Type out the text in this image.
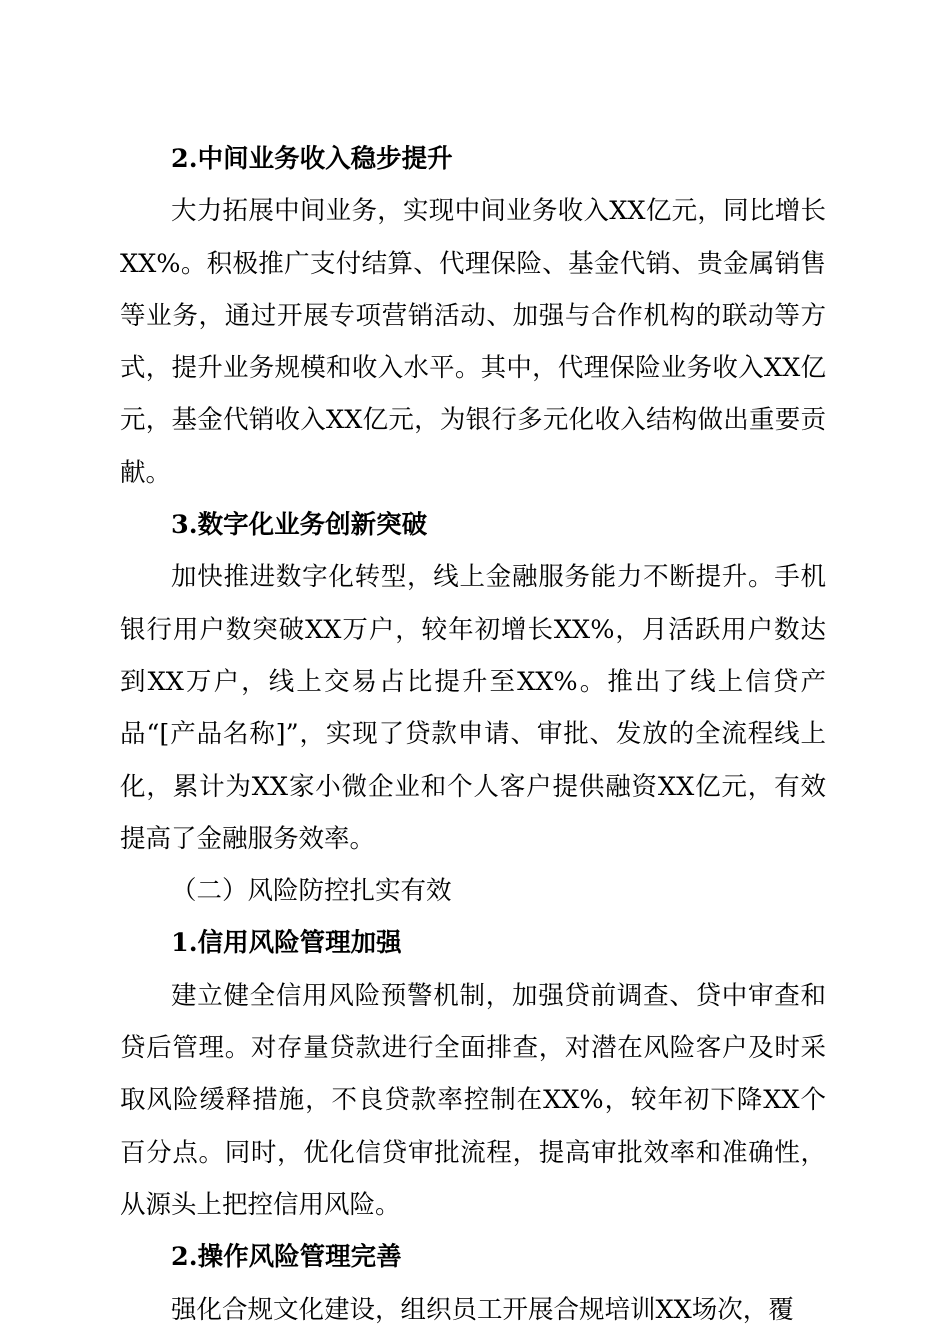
2.中间业务收入稳步提升

大力拓展中间业务，实现中间业务收入XX亿元，同比增长XX%。积极推广支付结算、代理保险、基金代销、贵金属销售等业务，通过开展专项营销活动、加强与合作机构的联动等方式，提升业务规模和收入水平。其中，代理保险业务收入XX亿元，基金代销收入XX亿元，为银行多元化收入结构做出重要贡献。

3.数字化业务创新突破

加快推进数字化转型，线上金融服务能力不断提升。手机银行用户数突破XX万户，较年初增长XX%，月活跃用户数达到XX万户，线上交易占比提升至XX%。推出了线上信贷产品“[产品名称]”，实现了贷款申请、审批、发放的全流程线上化，累计为XX家小微企业和个人客户提供融资XX亿元，有效提高了金融服务效率。

（二）风险防控扎实有效

1.信用风险管理加强

建立健全信用风险预警机制，加强贷前调查、贷中审查和贷后管理。对存量贷款进行全面排查，对潜在风险客户及时采取风险缓释措施，不良贷款率控制在XX%，较年初下降XX个百分点。同时，优化信贷审批流程，提高审批效率和准确性，从源头上把控信用风险。

2.操作风险管理完善

强化合规文化建设，组织员工开展合规培训XX场次，覆
